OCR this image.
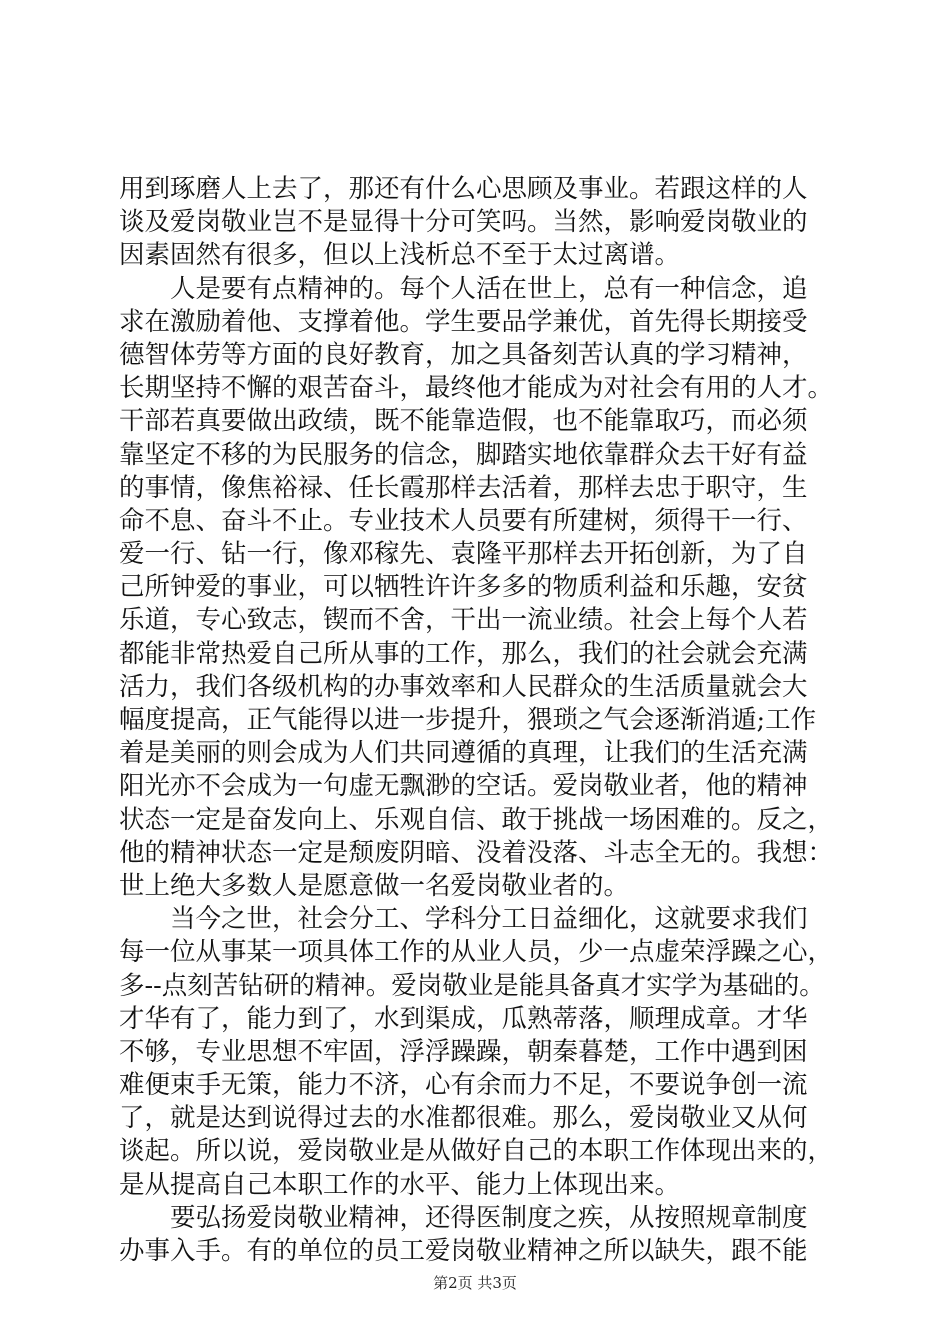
用到琢磨人上去了，那还有什么心思顾及事业。若跟这样的人
谈及爱岗敬业岂不是显得十分可笑吗。当然，影响爱岗敬业的
因素固然有很多，但以上浅析总不至于太过离谱。
　　人是要有点精神的。每个人活在世上，总有一种信念，追
求在激励着他、支撑着他。学生要品学兼优，首先得长期接受
德智体劳等方面的良好教育，加之具备刻苦认真的学习精神，
长期坚持不懈的艰苦奋斗，最终他才能成为对社会有用的人才。
干部若真要做出政绩，既不能靠造假，也不能靠取巧，而必须
靠坚定不移的为民服务的信念，脚踏实地依靠群众去干好有益
的事情，像焦裕禄、任长霞那样去活着，那样去忠于职守，生
命不息、奋斗不止。专业技术人员要有所建树，须得干一行、
爱一行、钻一行，像邓稼先、袁隆平那样去开拓创新，为了自
己所钟爱的事业，可以牺牲许许多多的物质利益和乐趣，安贫
乐道，专心致志，锲而不舍，干出一流业绩。社会上每个人若
都能非常热爱自己所从事的工作，那么，我们的社会就会充满
活力，我们各级机构的办事效率和人民群众的生活质量就会大
幅度提高，正气能得以进一步提升，猥琐之气会逐渐消遁;工作
着是美丽的则会成为人们共同遵循的真理，让我们的生活充满
阳光亦不会成为一句虚无飘渺的空话。爱岗敬业者，他的精神
状态一定是奋发向上、乐观自信、敢于挑战一场困难的。反之，
他的精神状态一定是颓废阴暗、没着没落、斗志全无的。我想：
世上绝大多数人是愿意做一名爱岗敬业者的。
　　当今之世，社会分工、学科分工日益细化，这就要求我们
每一位从事某一项具体工作的从业人员，少一点虚荣浮躁之心，
多--点刻苦钻研的精神。爱岗敬业是能具备真才实学为基础的。
才华有了，能力到了，水到渠成，瓜熟蒂落，顺理成章。才华
不够，专业思想不牢固，浮浮躁躁，朝秦暮楚，工作中遇到困
难便束手无策，能力不济，心有余而力不足，不要说争创一流
了，就是达到说得过去的水准都很难。那么，爱岗敬业又从何
谈起。所以说，爱岗敬业是从做好自己的本职工作体现出来的，
是从提高自己本职工作的水平、能力上体现出来。
　　要弘扬爱岗敬业精神，还得医制度之疾，从按照规章制度
办事入手。有的单位的员工爱岗敬业精神之所以缺失，跟不能
第2页 共3页
